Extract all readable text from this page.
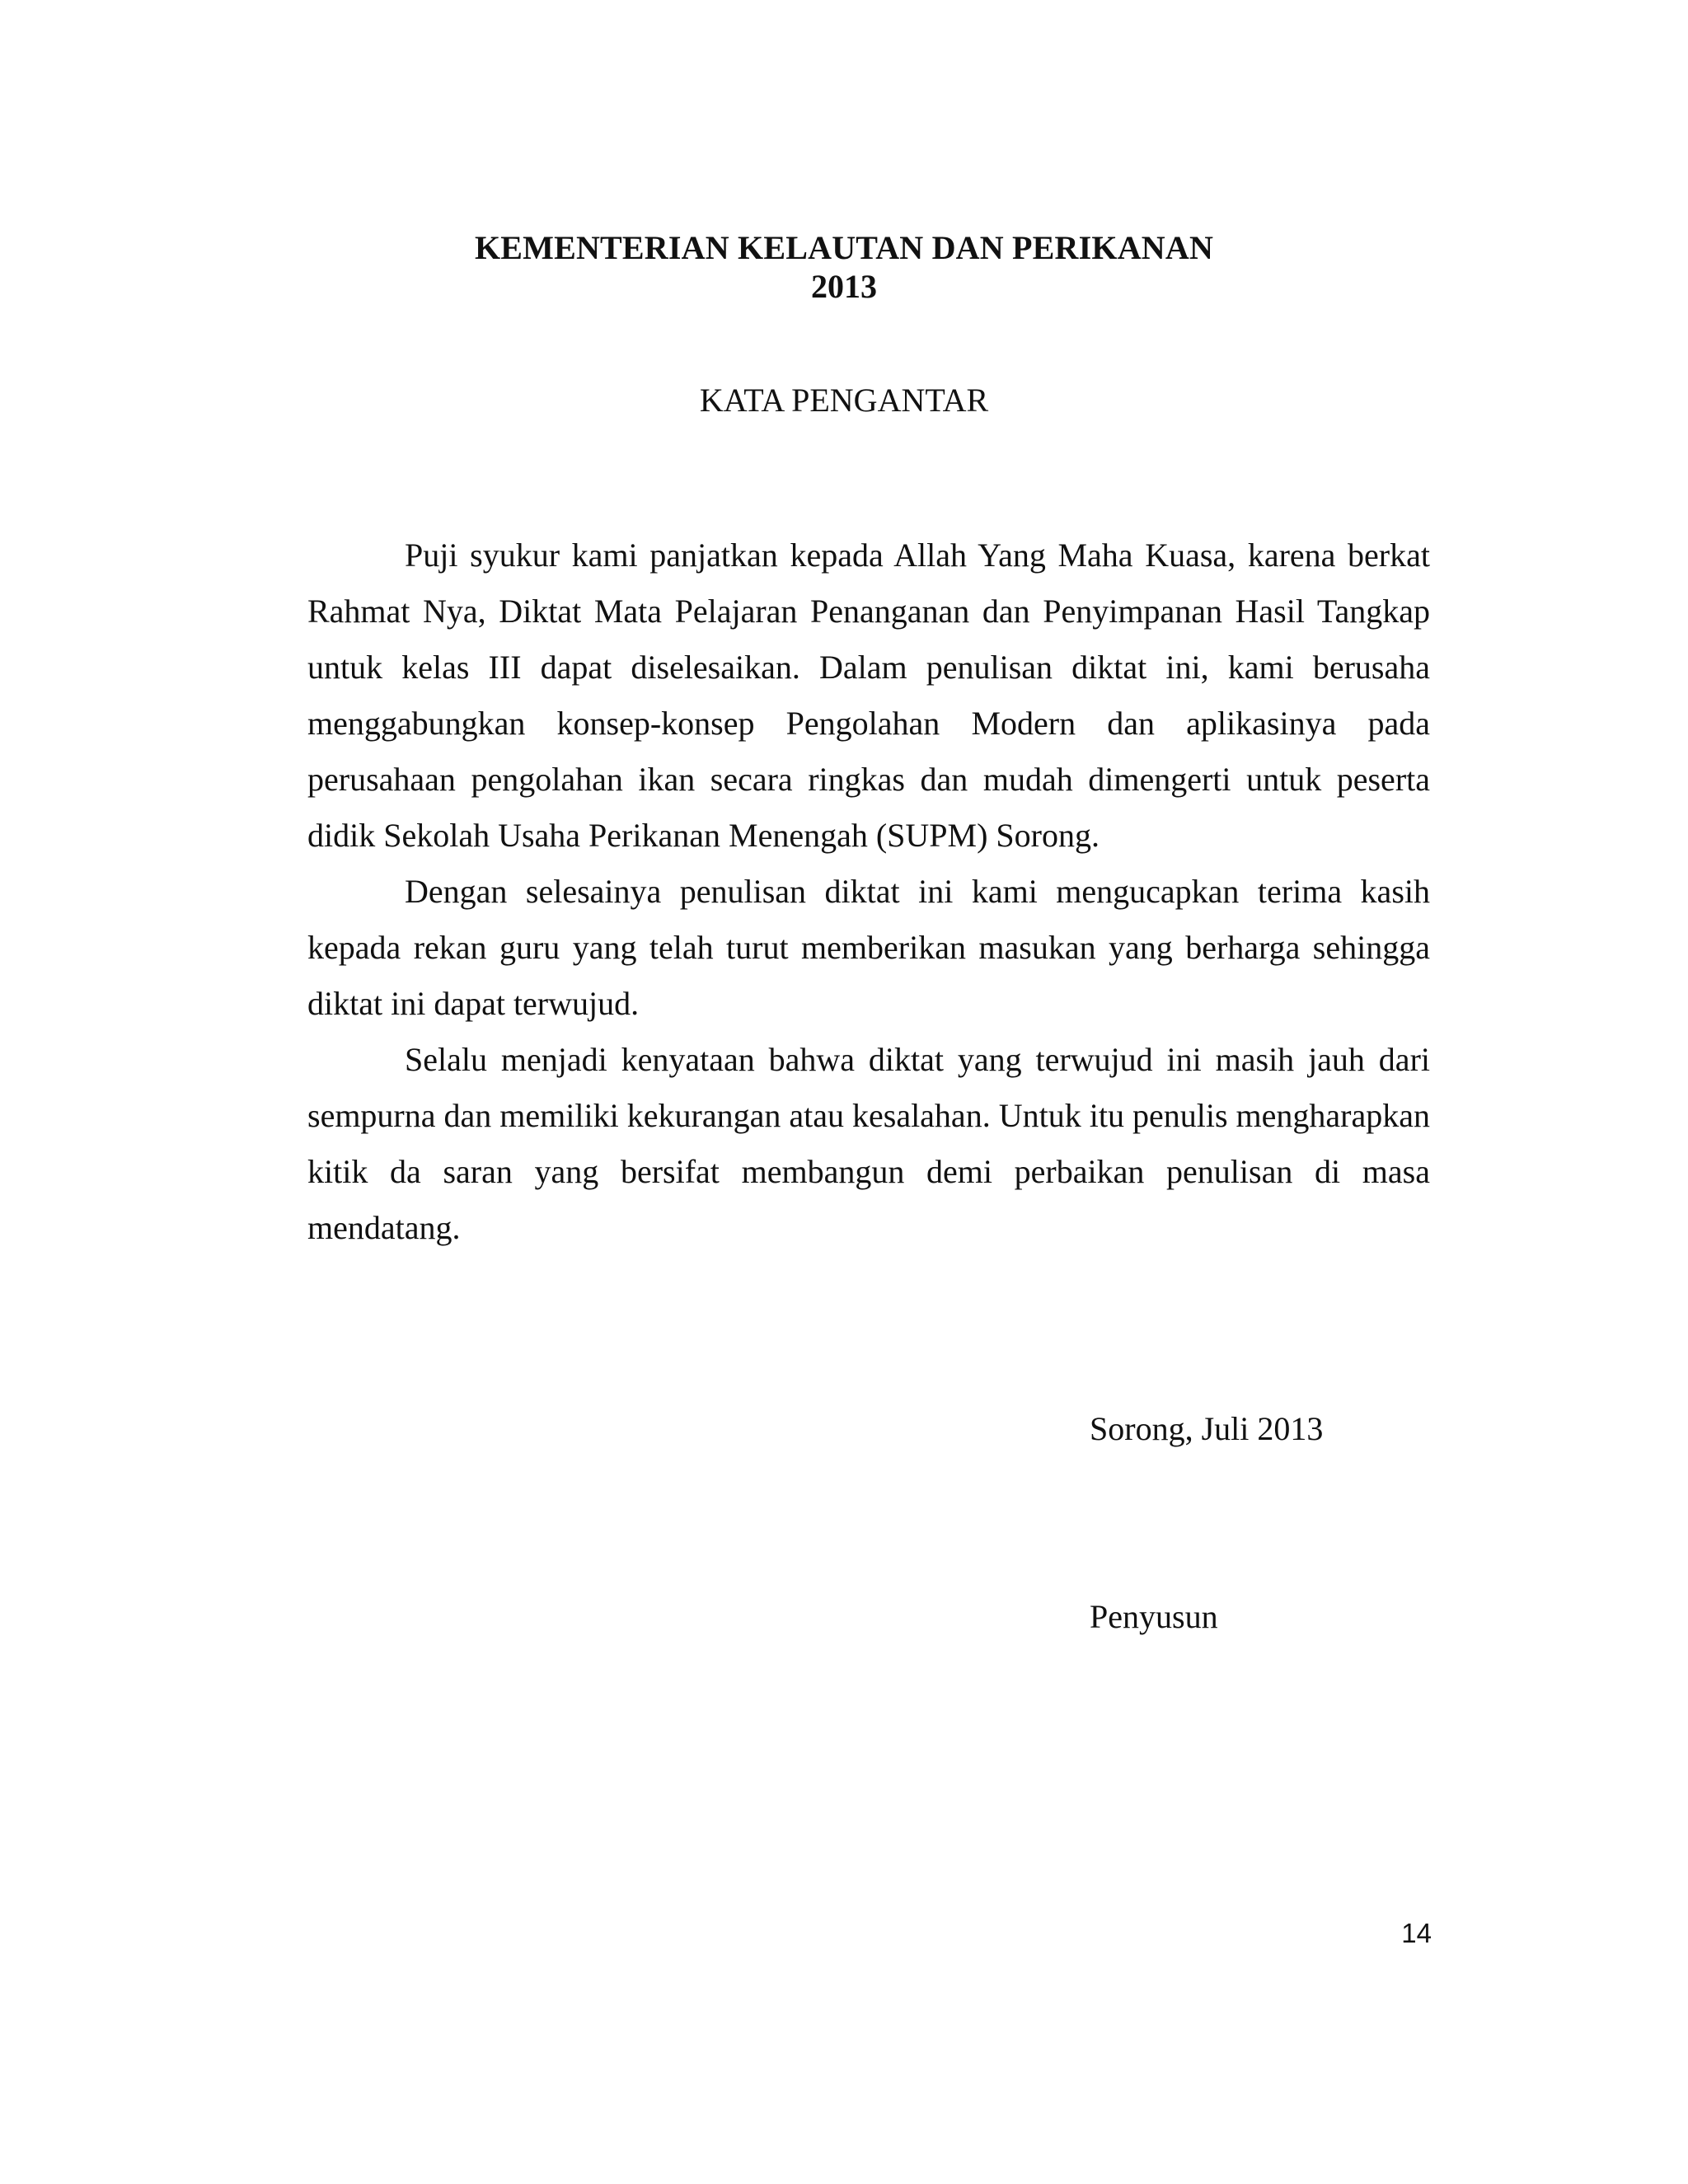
KEMENTERIAN KELAUTAN DAN PERIKANAN
2013
KATA PENGANTAR

Puji syukur kami panjatkan kepada Allah Yang Maha Kuasa, karena berkat Rahmat Nya, Diktat Mata Pelajaran Penanganan dan Penyimpanan Hasil Tangkap untuk kelas III dapat diselesaikan. Dalam penulisan diktat ini, kami berusaha menggabungkan konsep-konsep Pengolahan Modern dan aplikasinya pada perusahaan pengolahan ikan secara ringkas dan mudah dimengerti untuk peserta didik Sekolah Usaha Perikanan Menengah (SUPM) Sorong.

Dengan selesainya penulisan diktat ini kami mengucapkan terima kasih kepada rekan guru yang telah turut memberikan masukan yang berharga sehingga diktat ini dapat terwujud.

Selalu menjadi kenyataan bahwa diktat yang terwujud ini masih jauh dari sempurna dan memiliki kekurangan atau kesalahan. Untuk itu penulis mengharapkan kitik da saran yang bersifat membangun demi perbaikan penulisan di masa mendatang.

Sorong, Juli 2013
Penyusun
14
